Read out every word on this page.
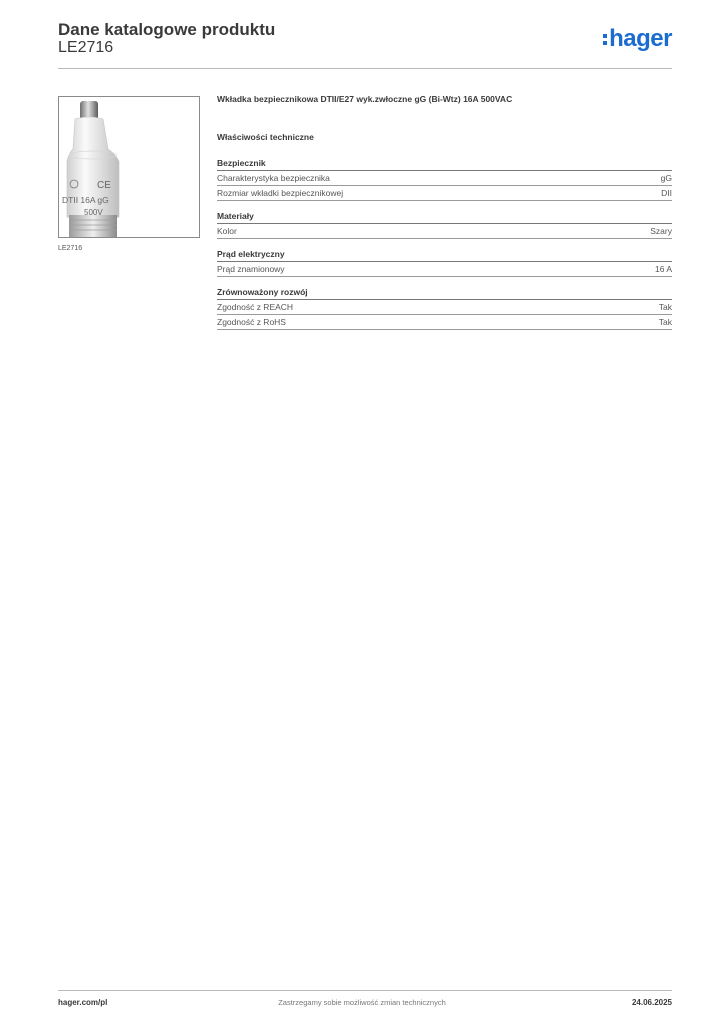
Dane katalogowe produktu
LE2716	hager
CE
DTII 16A gG
500V
LE2716
Wkładka bezpiecznikowa DTII/E27 wyk.zwłoczne gG (Bi-Wtz) 16A 500VAC
Właściwości techniczne
Bezpiecznik
Charakterystyka bezpiecznika	gG
Rozmiar wkładki bezpiecznikowej	DII
Materiały
Kolor	Szary
Prąd elektryczny
Prąd znamionowy	16 A
Zrównoważony rozwój
Zgodność z REACH	Tak
Zgodność z RoHS	Tak
hager.com/pl	Zastrzegamy sobie możliwość zmian technicznych	24.06.2025
